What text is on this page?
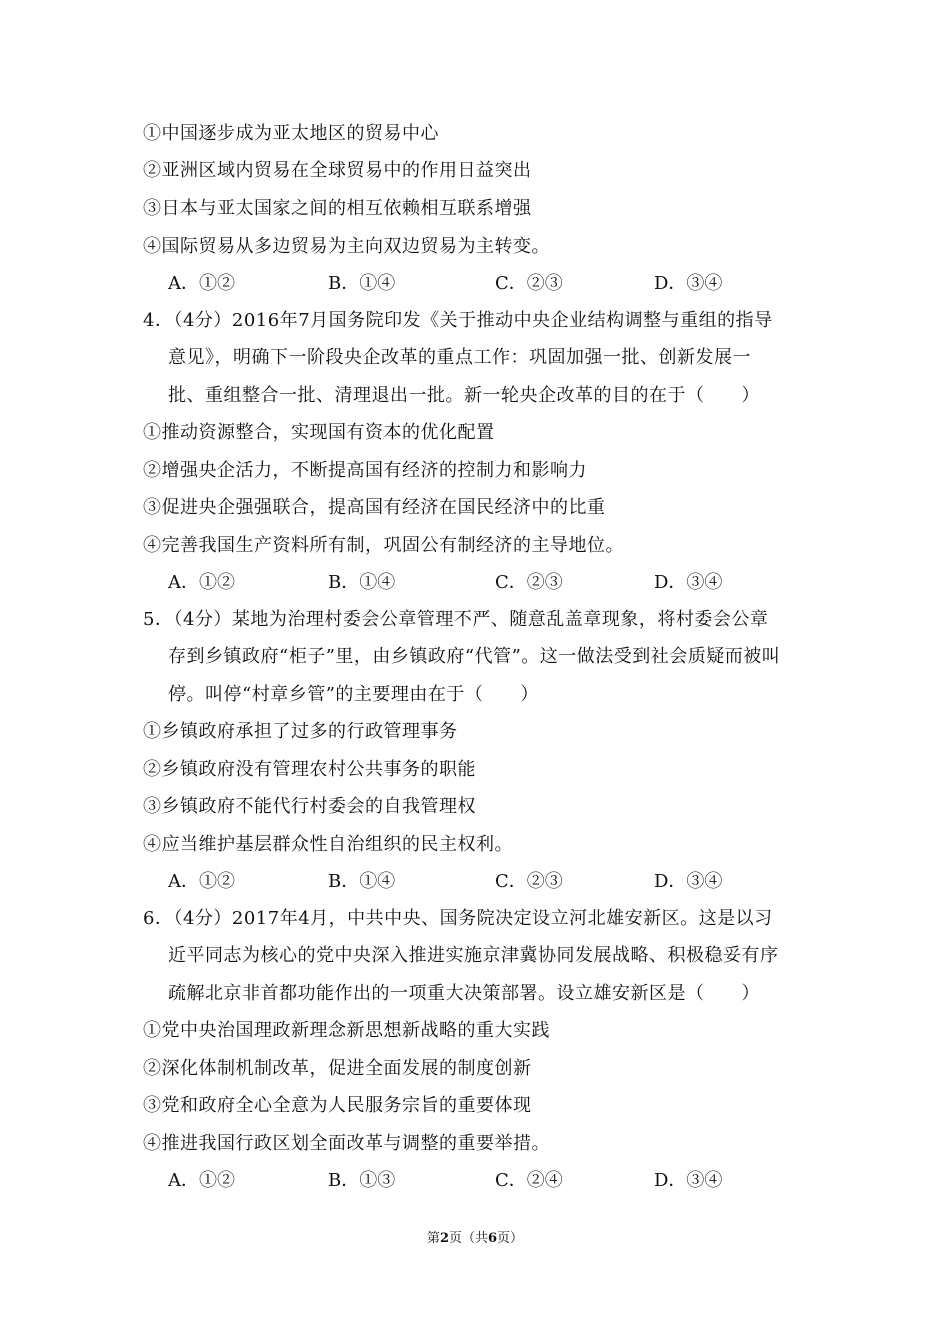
①中国逐步成为亚太地区的贸易中心
②亚洲区域内贸易在全球贸易中的作用日益突出
③日本与亚太国家之间的相互依赖相互联系增强
④国际贸易从多边贸易为主向双边贸易为主转变。
A．①②	B．①④	C．②③	D．③④
4．（4分）2016年7月国务院印发《关于推动中央企业结构调整与重组的指导
意见》，明确下一阶段央企改革的重点工作：巩固加强一批、创新发展一
批、重组整合一批、清理退出一批。新一轮央企改革的目的在于（　　）
①推动资源整合，实现国有资本的优化配置
②增强央企活力，不断提高国有经济的控制力和影响力
③促进央企强强联合，提高国有经济在国民经济中的比重
④完善我国生产资料所有制，巩固公有制经济的主导地位。
A．①②	B．①④	C．②③	D．③④
5．（4分）某地为治理村委会公章管理不严、随意乱盖章现象，将村委会公章
存到乡镇政府“柜子”里，由乡镇政府“代管”。这一做法受到社会质疑而被叫
停。叫停“村章乡管”的主要理由在于（　　）
①乡镇政府承担了过多的行政管理事务
②乡镇政府没有管理农村公共事务的职能
③乡镇政府不能代行村委会的自我管理权
④应当维护基层群众性自治组织的民主权利。
A．①②	B．①④	C．②③	D．③④
6．（4分）2017年4月，中共中央、国务院决定设立河北雄安新区。这是以习
近平同志为核心的党中央深入推进实施京津冀协同发展战略、积极稳妥有序
疏解北京非首都功能作出的一项重大决策部署。设立雄安新区是（　　）
①党中央治国理政新理念新思想新战略的重大实践
②深化体制机制改革，促进全面发展的制度创新
③党和政府全心全意为人民服务宗旨的重要体现
④推进我国行政区划全面改革与调整的重要举措。
A．①②	B．①③	C．②④	D．③④
第2页（共6页）
